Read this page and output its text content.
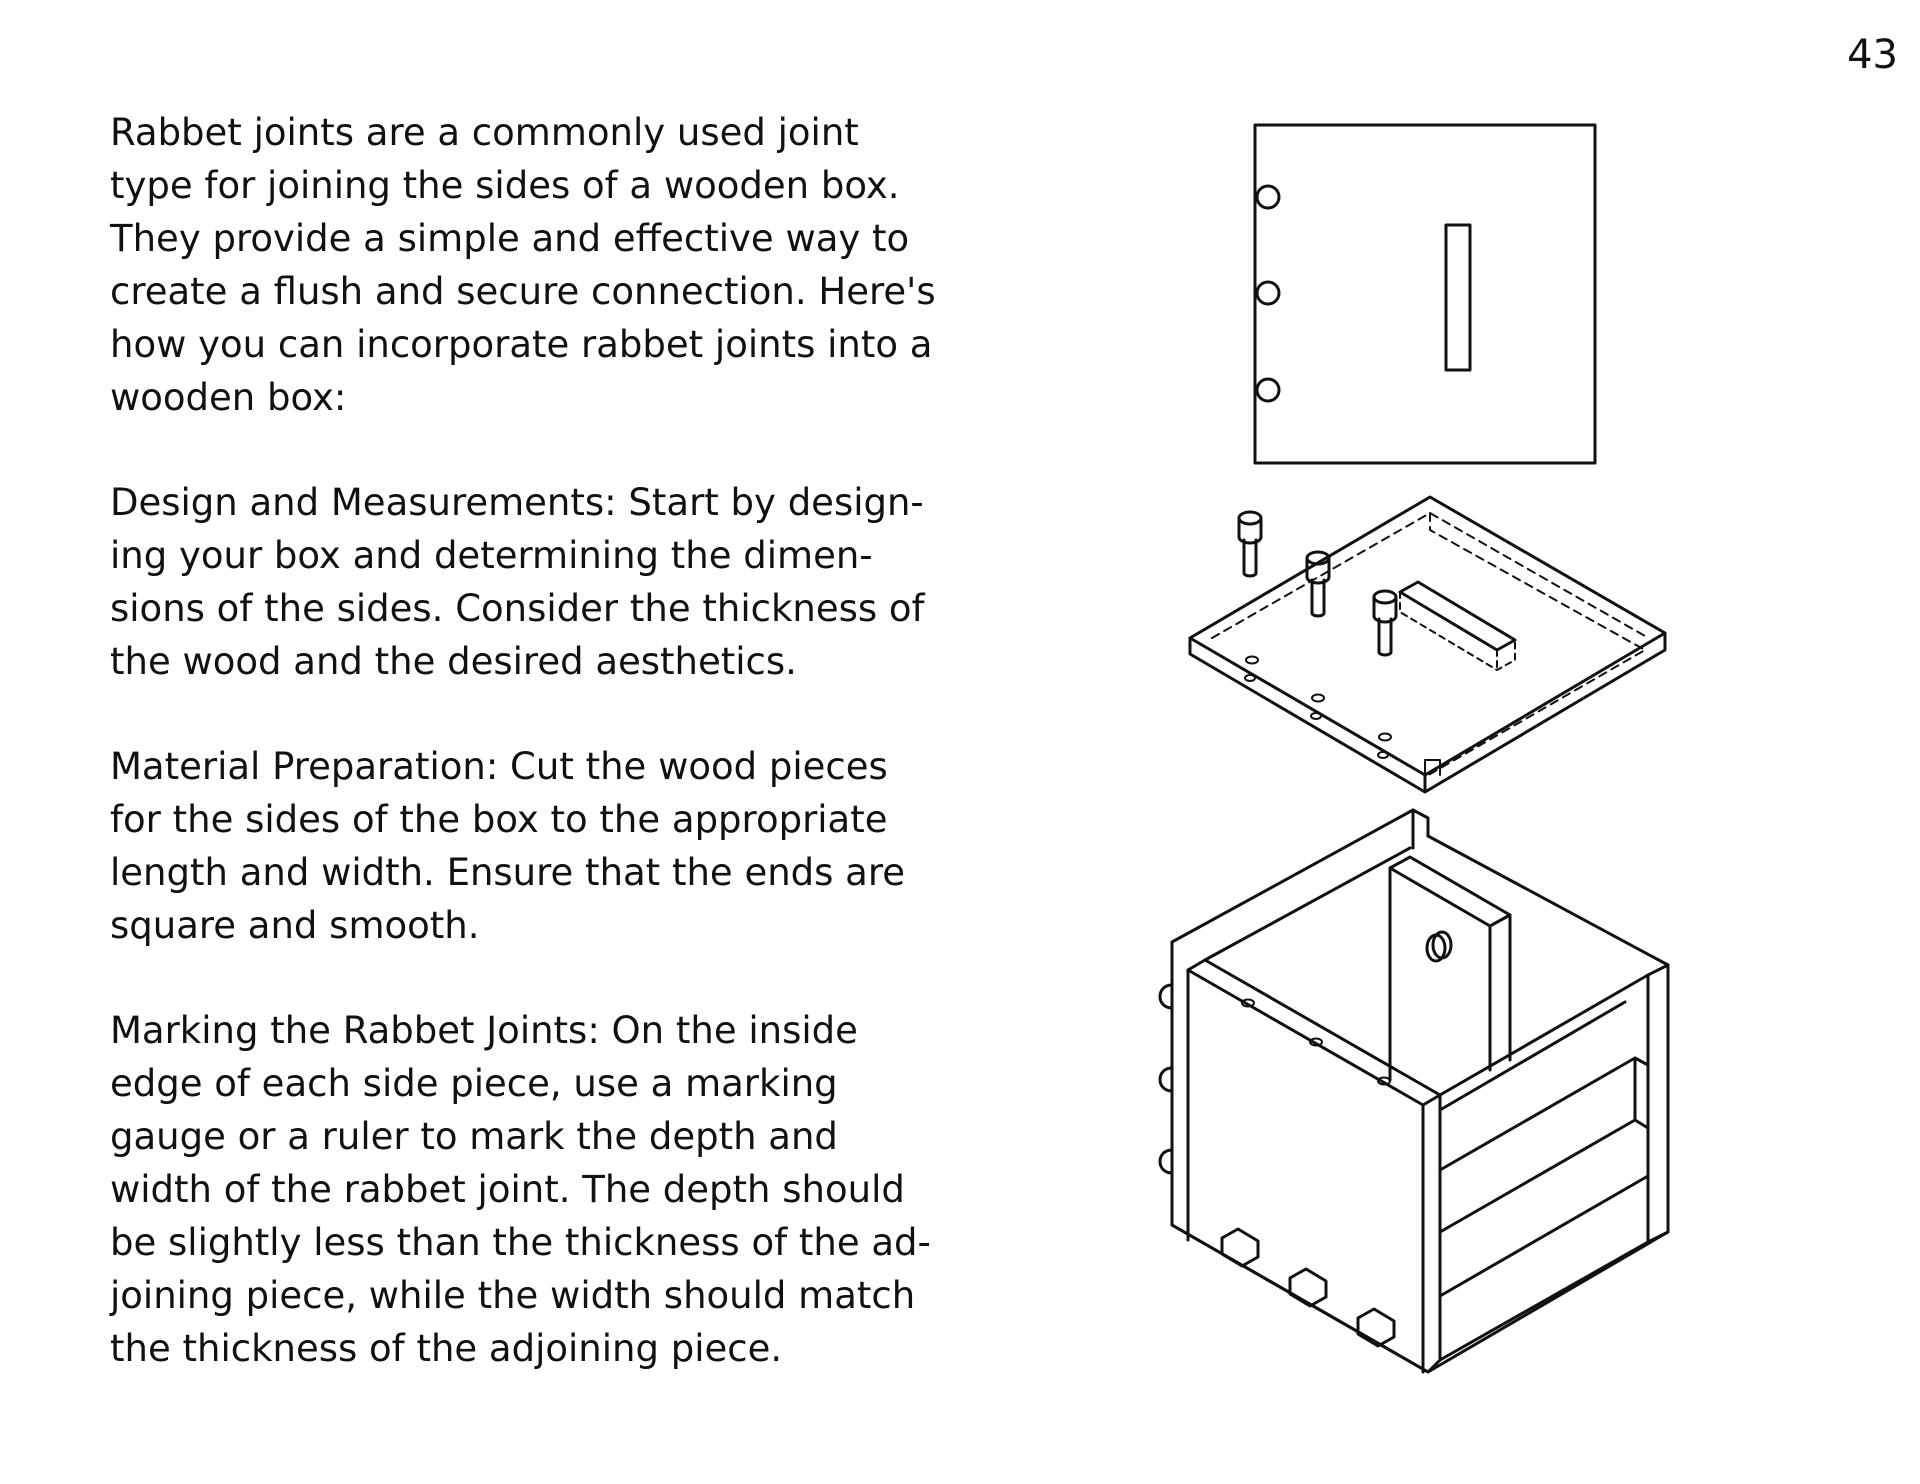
43

Rabbet joints are a commonly used joint
type for joining the sides of a wooden box.
They provide a simple and effective way to
create a flush and secure connection. Here's
how you can incorporate rabbet joints into a
wooden box:

Design and Measurements: Start by design-
ing your box and determining the dimen-
sions of the sides. Consider the thickness of
the wood and the desired aesthetics.

Material Preparation: Cut the wood pieces
for the sides of the box to the appropriate
length and width. Ensure that the ends are
square and smooth.

Marking the Rabbet Joints: On the inside
edge of each side piece, use a marking
gauge or a ruler to mark the depth and
width of the rabbet joint. The depth should
be slightly less than the thickness of the ad-
joining piece, while the width should match
the thickness of the adjoining piece.
